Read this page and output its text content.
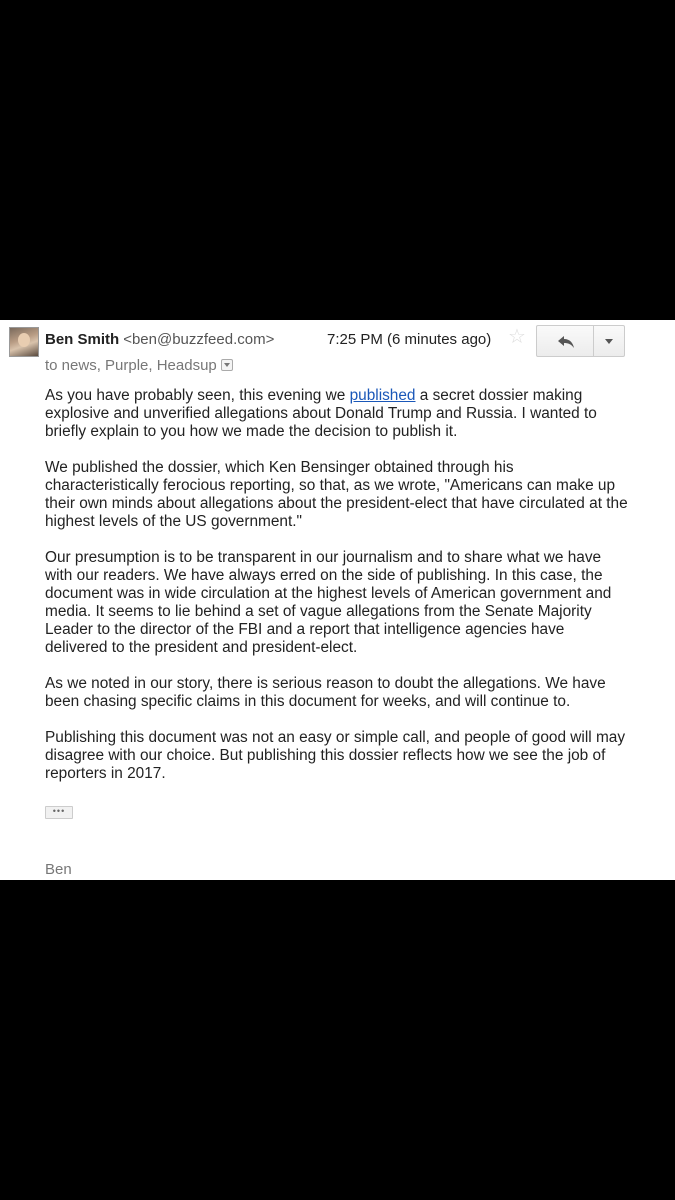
Ben Smith <ben@buzzfeed.com>
to news, Purple, Headsup
7:25 PM (6 minutes ago) ☆

As you have probably seen, this evening we published a secret dossier making explosive and unverified allegations about Donald Trump and Russia. I wanted to briefly explain to you how we made the decision to publish it.

We published the dossier, which Ken Bensinger obtained through his characteristically ferocious reporting, so that, as we wrote, "Americans can make up their own minds about allegations about the president-elect that have circulated at the highest levels of the US government."

Our presumption is to be transparent in our journalism and to share what we have with our readers. We have always erred on the side of publishing. In this case, the document was in wide circulation at the highest levels of American government and media. It seems to lie behind a set of vague allegations from the Senate Majority Leader to the director of the FBI and a report that intelligence agencies have delivered to the president and president-elect.

As we noted in our story, there is serious reason to doubt the allegations. We have been chasing specific claims in this document for weeks, and will continue to.

Publishing this document was not an easy or simple call, and people of good will may disagree with our choice. But publishing this dossier reflects how we see the job of reporters in 2017.

•••
Ben
